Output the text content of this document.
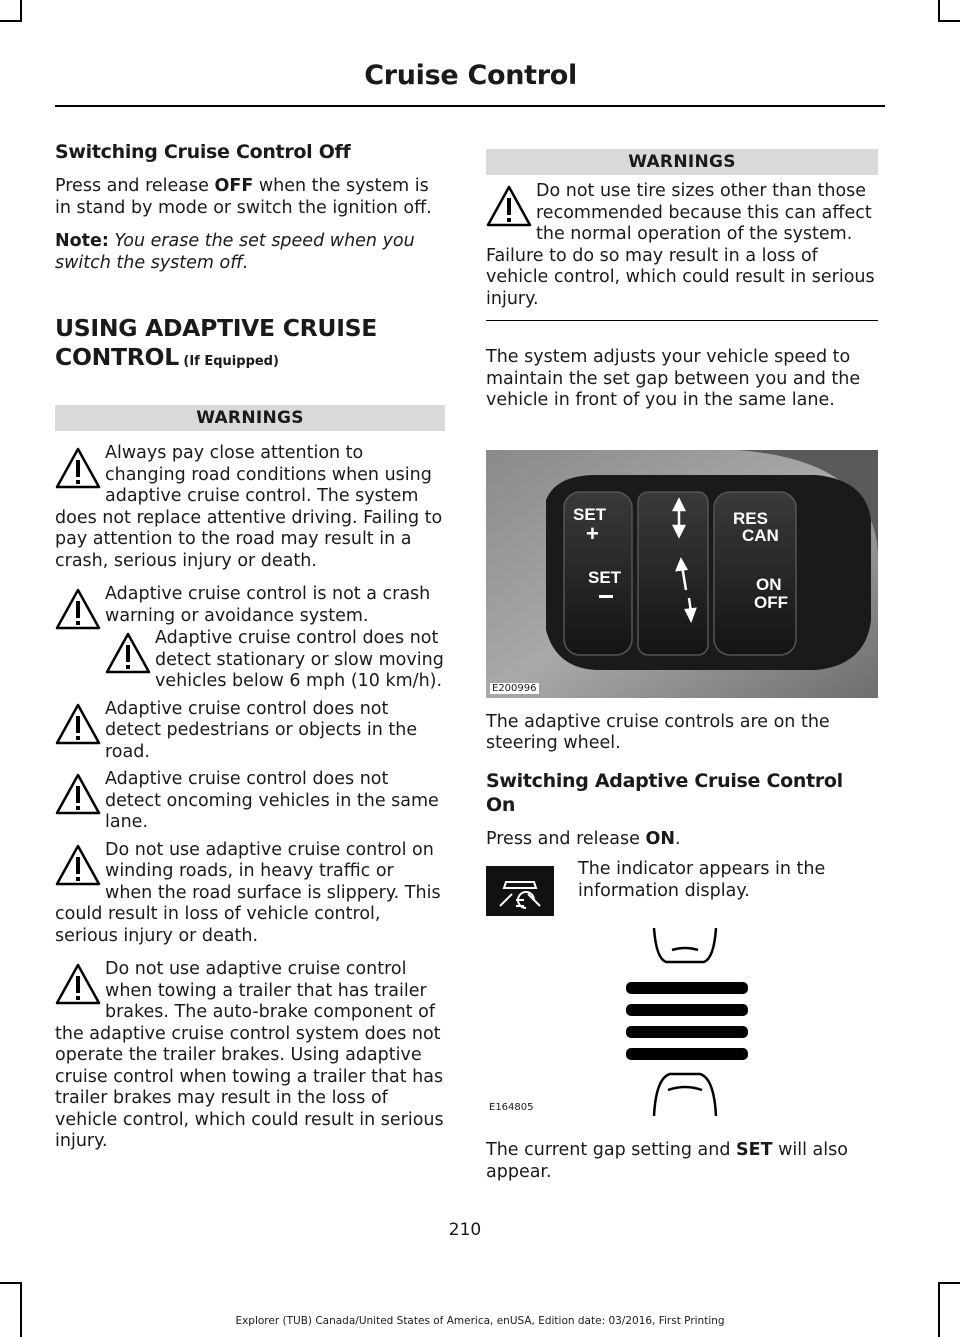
Cruise Control
Switching Cruise Control Off

Press and release OFF when the system is in stand by mode or switch the ignition off.

Note: You erase the set speed when you switch the system off.

USING ADAPTIVE CRUISE
CONTROL (If Equipped)
WARNINGS
Always pay close attention to changing road conditions when using adaptive cruise control. The system does not replace attentive driving. Failing to pay attention to the road may result in a crash, serious injury or death.
Adaptive cruise control is not a crash warning or avoidance system.
Adaptive cruise control does not detect stationary or slow moving vehicles below 6 mph (10 km/h).
Adaptive cruise control does not detect pedestrians or objects in the road.
Adaptive cruise control does not detect oncoming vehicles in the same lane.
Do not use adaptive cruise control on winding roads, in heavy traffic or when the road surface is slippery. This could result in loss of vehicle control, serious injury or death.
Do not use adaptive cruise control when towing a trailer that has trailer brakes. The auto-brake component of the adaptive cruise control system does not operate the trailer brakes. Using adaptive cruise control when towing a trailer that has trailer brakes may result in the loss of vehicle control, which could result in serious injury.
WARNINGS
Do not use tire sizes other than those recommended because this can affect the normal operation of the system. Failure to do so may result in a loss of vehicle control, which could result in serious injury.

The system adjusts your vehicle speed to maintain the set gap between you and the vehicle in front of you in the same lane.

SET
+
SET
RES
CAN
ON
OFF
E200996

The adaptive cruise controls are on the steering wheel.

Switching Adaptive Cruise Control On

Press and release ON.

The indicator appears in the information display.

E164805

The current gap setting and SET will also appear.

210
Explorer (TUB) Canada/United States of America, enUSA, Edition date: 03/2016, First Printing
